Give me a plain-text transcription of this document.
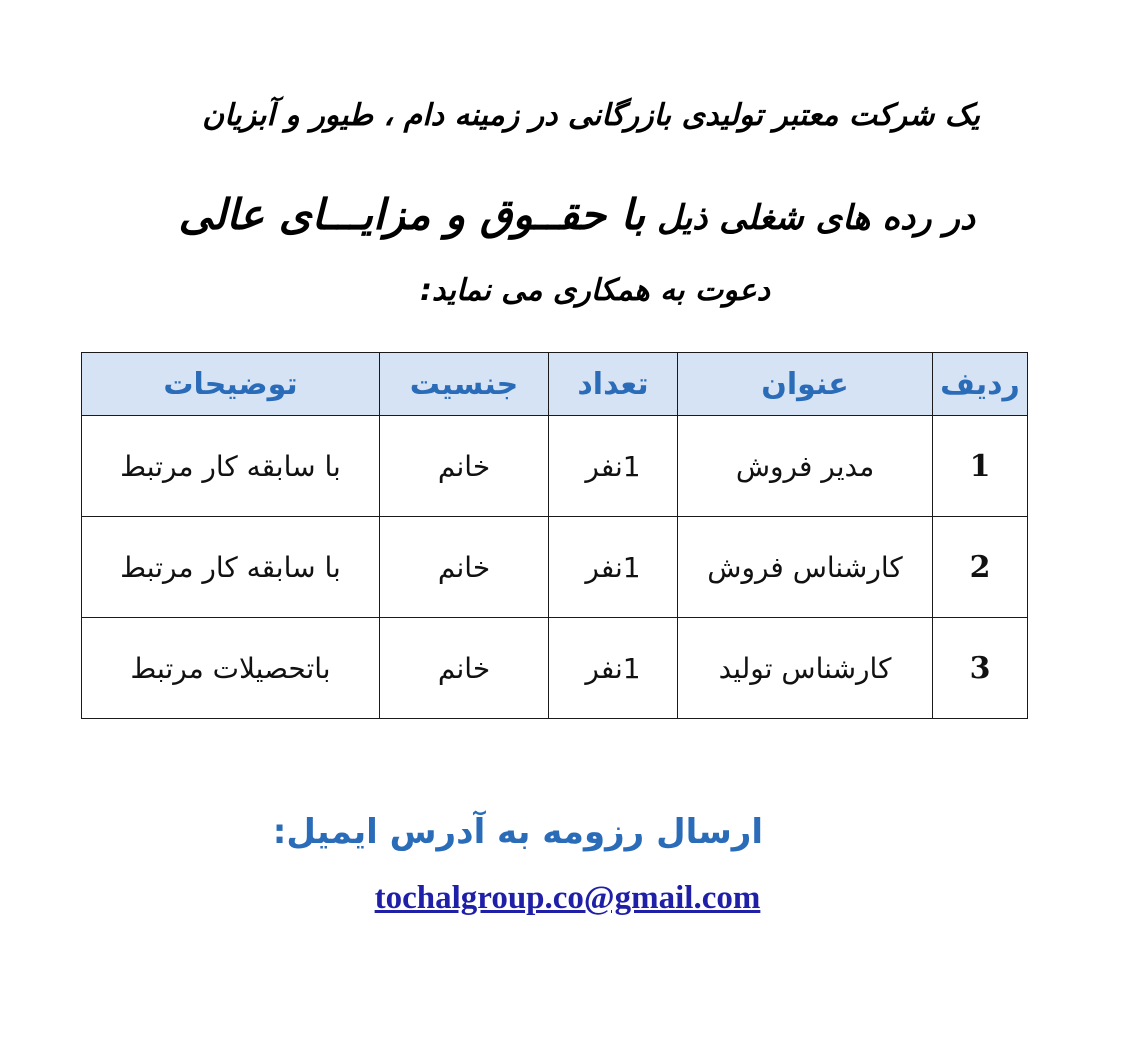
یک شرکت معتبر تولیدی بازرگانی در زمینه دام ، طیور و آبزیان
در رده های شغلی ذیل با حقــوق و مزایـــای عالی
دعوت به همکاری می نماید:
ردیف	عنوان	تعداد	جنسیت	توضیحات
1	مدیر فروش	1نفر	خانم	با سابقه کار مرتبط
2	کارشناس فروش	1نفر	خانم	با سابقه کار مرتبط
3	کارشناس تولید	1نفر	خانم	باتحصیلات مرتبط
ارسال رزومه به آدرس ایمیل:
tochalgroup.co@gmail.com
